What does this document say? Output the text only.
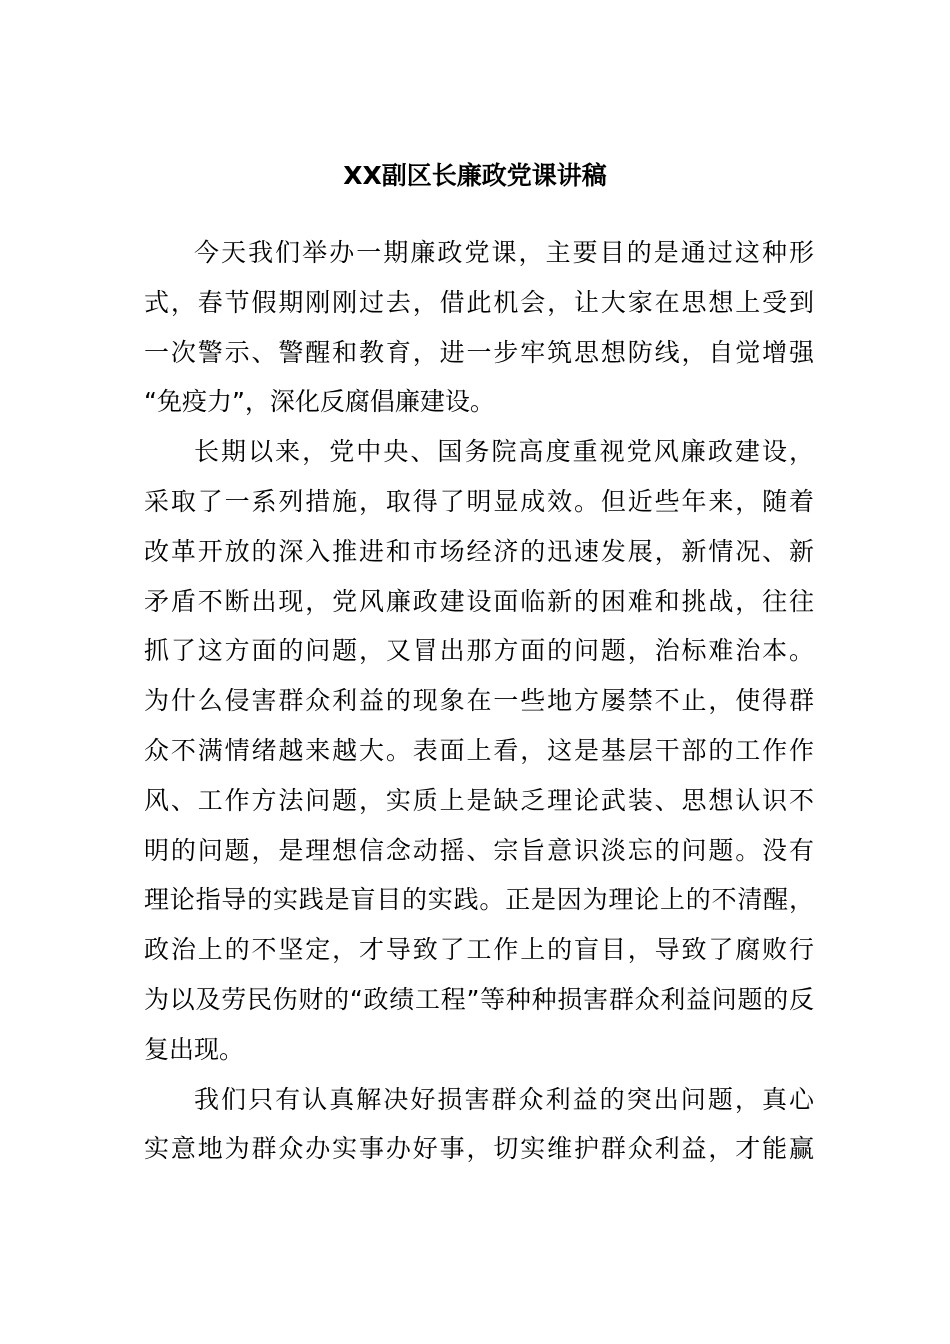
XX副区长廉政党课讲稿
今天我们举办一期廉政党课，主要目的是通过这种形
式，春节假期刚刚过去，借此机会，让大家在思想上受到
一次警示、警醒和教育，进一步牢筑思想防线，自觉增强
“免疫力”，深化反腐倡廉建设。
长期以来，党中央、国务院高度重视党风廉政建设，
采取了一系列措施，取得了明显成效。但近些年来，随着
改革开放的深入推进和市场经济的迅速发展，新情况、新
矛盾不断出现，党风廉政建设面临新的困难和挑战，往往
抓了这方面的问题，又冒出那方面的问题，治标难治本。
为什么侵害群众利益的现象在一些地方屡禁不止，使得群
众不满情绪越来越大。表面上看，这是基层干部的工作作
风、工作方法问题，实质上是缺乏理论武装、思想认识不
明的问题，是理想信念动摇、宗旨意识淡忘的问题。没有
理论指导的实践是盲目的实践。正是因为理论上的不清醒，
政治上的不坚定，才导致了工作上的盲目，导致了腐败行
为以及劳民伤财的“政绩工程”等种种损害群众利益问题的反
复出现。
我们只有认真解决好损害群众利益的突出问题，真心
实意地为群众办实事办好事，切实维护群众利益，才能赢
